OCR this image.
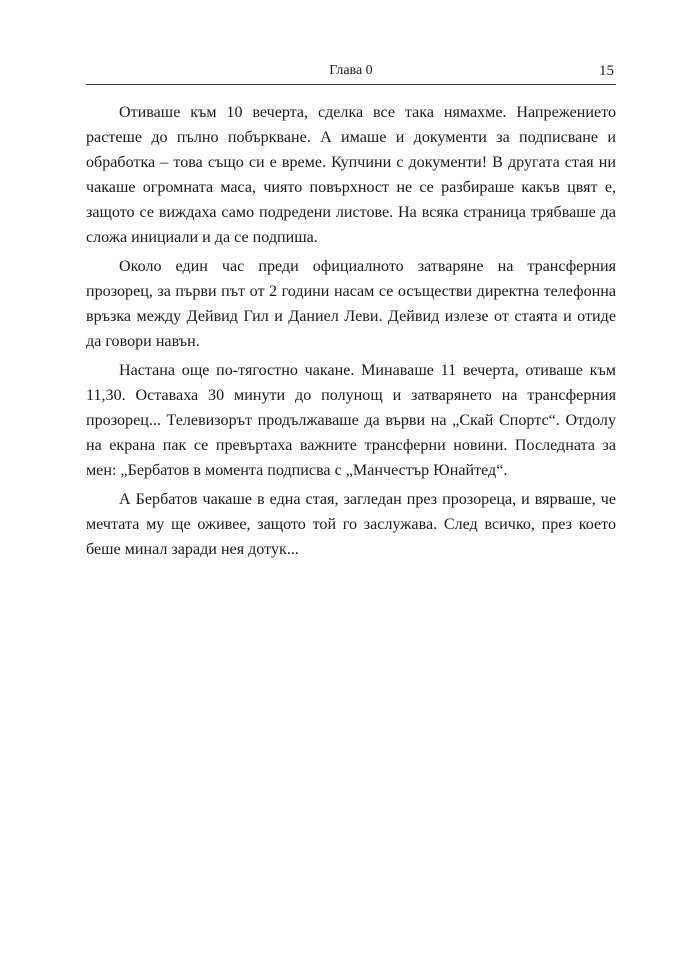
Глава 0	15

Отиваше към 10 вечерта, сделка все така нямахме. Напрежението растеше до пълно побъркване. А имаше и документи за подписване и обработка – това също си е време. Купчини с документи! В другата стая ни чакаше огромната маса, чиято повърхност не се разбираше какъв цвят е, защото се виждаха само подредени листове. На всяка страница трябваше да сложа инициали и да се подпиша.

Около един час преди официалното затваряне на трансферния прозорец, за първи път от 2 години насам се осъществи директна телефонна връзка между Дейвид Гил и Даниел Леви. Дейвид излезе от стаята и отиде да говори навън.

Настана още по-тягостно чакане. Минаваше 11 вечерта, отиваше към 11,30. Оставаха 30 минути до полунощ и затварянето на трансферния прозорец... Телевизорът продължаваше да върви на „Скай Спортс“. Отдолу на екрана пак се превъртаха важните трансферни новини. Последната за мен: „Бербатов в момента подписва с „Манчестър Юнайтед“.

А Бербатов чакаше в една стая, загледан през прозореца, и вярваше, че мечтата му ще оживее, защото той го заслужава. След всичко, през което беше минал заради нея дотук...
